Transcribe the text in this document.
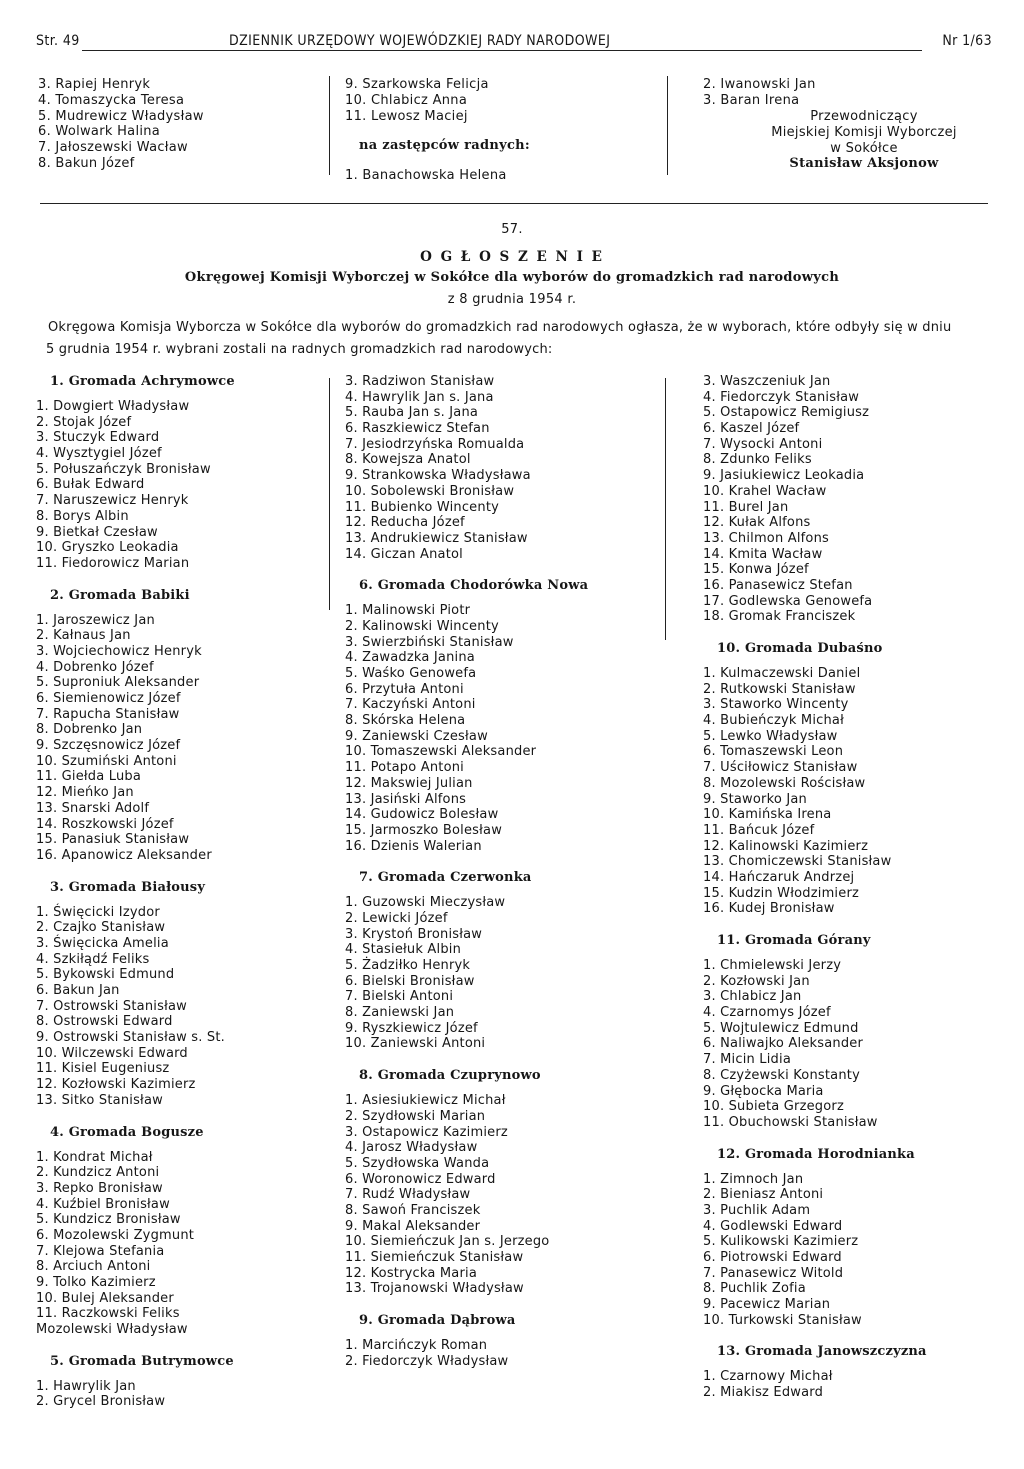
Str. 49	DZIENNIK URZĘDOWY WOJEWÓDZKIEJ RADY NARODOWEJ	Nr 1/63
3. Rapiej Henryk
4. Tomaszycka Teresa
5. Mudrewicz Władysław
6. Wolwark Halina
7. Jałoszewski Wacław
8. Bakun Józef
9. Szarkowska Felicja
10. Chlabicz Anna
11. Lewosz Maciej
na zastępców radnych:
1. Banachowska Helena
2. Iwanowski Jan
3. Baran Irena
Przewodniczący
Miejskiej Komisji Wyborczej
w Sokółce
Stanisław Aksjonow
57.
O G Ł O S Z E N I E
Okręgowej Komisji Wyborczej w Sokółce dla wyborów do gromadzkich rad narodowych
z 8 grudnia 1954 r.
Okręgowa Komisja Wyborcza w Sokółce dla wyborów do gromadzkich rad narodowych ogłasza, że w wyborach, które odbyły się w dniu 5 grudnia 1954 r. wybrani zostali na radnych gromadzkich rad narodowych:
1. Gromada Achrymowce
1. Dowgiert Władysław
2. Stojak Józef
3. Stuczyk Edward
4. Wysztygiel Józef
5. Połuszańczyk Bronisław
6. Bułak Edward
7. Naruszewicz Henryk
8. Borys Albin
9. Bietkał Czesław
10. Gryszko Leokadia
11. Fiedorowicz Marian
2. Gromada Babiki
1. Jaroszewicz Jan
2. Kałnaus Jan
3. Wojciechowicz Henryk
4. Dobrenko Józef
5. Suproniuk Aleksander
6. Siemienowicz Józef
7. Rapucha Stanisław
8. Dobrenko Jan
9. Szczęsnowicz Józef
10. Szumiński Antoni
11. Giełda Luba
12. Mieńko Jan
13. Snarski Adolf
14. Roszkowski Józef
15. Panasiuk Stanisław
16. Apanowicz Aleksander
3. Gromada Białousy
1. Święcicki Izydor
2. Czajko Stanisław
3. Święcicka Amelia
4. Szkiłądź Feliks
5. Bykowski Edmund
6. Bakun Jan
7. Ostrowski Stanisław
8. Ostrowski Edward
9. Ostrowski Stanisław s. St.
10. Wilczewski Edward
11. Kisiel Eugeniusz
12. Kozłowski Kazimierz
13. Sitko Stanisław
4. Gromada Bogusze
1. Kondrat Michał
2. Kundzicz Antoni
3. Repko Bronisław
4. Kuźbiel Bronisław
5. Kundzicz Bronisław
6. Mozolewski Zygmunt
7. Klejowa Stefania
8. Arciuch Antoni
9. Tolko Kazimierz
10. Bulej Aleksander
11. Raczkowski Feliks
Mozolewski Władysław
5. Gromada Butrymowce
1. Hawrylik Jan
2. Grycel Bronisław
3. Radziwon Stanisław
4. Hawrylik Jan s. Jana
5. Rauba Jan s. Jana
6. Raszkiewicz Stefan
7. Jesiodrzyńska Romualda
8. Kowejsza Anatol
9. Strankowska Władysława
10. Sobolewski Bronisław
11. Bubienko Wincenty
12. Reducha Józef
13. Andrukiewicz Stanisław
14. Giczan Anatol
6. Gromada Chodorówka Nowa
1. Malinowski Piotr
2. Kalinowski Wincenty
3. Swierzbiński Stanisław
4. Zawadzka Janina
5. Waśko Genowefa
6. Przytuła Antoni
7. Kaczyński Antoni
8. Skórska Helena
9. Zaniewski Czesław
10. Tomaszewski Aleksander
11. Potapo Antoni
12. Makswiej Julian
13. Jasiński Alfons
14. Gudowicz Bolesław
15. Jarmoszko Bolesław
16. Dzienis Walerian
7. Gromada Czerwonka
1. Guzowski Mieczysław
2. Lewicki Józef
3. Krystoń Bronisław
4. Stasiełuk Albin
5. Żadziłko Henryk
6. Bielski Bronisław
7. Bielski Antoni
8. Zaniewski Jan
9. Ryszkiewicz Józef
10. Zaniewski Antoni
8. Gromada Czuprynowo
1. Asiesiukiewicz Michał
2. Szydłowski Marian
3. Ostapowicz Kazimierz
4. Jarosz Władysław
5. Szydłowska Wanda
6. Woronowicz Edward
7. Rudź Władysław
8. Sawoń Franciszek
9. Makal Aleksander
10. Siemieńczuk Jan s. Jerzego
11. Siemieńczuk Stanisław
12. Kostrycka Maria
13. Trojanowski Władysław
9. Gromada Dąbrowa
1. Marcińczyk Roman
2. Fiedorczyk Władysław
3. Waszczeniuk Jan
4. Fiedorczyk Stanisław
5. Ostapowicz Remigiusz
6. Kaszel Józef
7. Wysocki Antoni
8. Zdunko Feliks
9. Jasiukiewicz Leokadia
10. Krahel Wacław
11. Burel Jan
12. Kułak Alfons
13. Chilmon Alfons
14. Kmita Wacław
15. Konwa Józef
16. Panasewicz Stefan
17. Godlewska Genowefa
18. Gromak Franciszek
10. Gromada Dubaśno
1. Kulmaczewski Daniel
2. Rutkowski Stanisław
3. Staworko Wincenty
4. Bubieńczyk Michał
5. Lewko Władysław
6. Tomaszewski Leon
7. Uściłowicz Stanisław
8. Mozolewski Rościsław
9. Staworko Jan
10. Kamińska Irena
11. Bańcuk Józef
12. Kalinowski Kazimierz
13. Chomiczewski Stanisław
14. Hańczaruk Andrzej
15. Kudzin Włodzimierz
16. Kudej Bronisław
11. Gromada Górany
1. Chmielewski Jerzy
2. Kozłowski Jan
3. Chlabicz Jan
4. Czarnomys Józef
5. Wojtulewicz Edmund
6. Naliwajko Aleksander
7. Micin Lidia
8. Czyżewski Konstanty
9. Głębocka Maria
10. Subieta Grzegorz
11. Obuchowski Stanisław
12. Gromada Horodnianka
1. Zimnoch Jan
2. Bieniasz Antoni
3. Puchlik Adam
4. Godlewski Edward
5. Kulikowski Kazimierz
6. Piotrowski Edward
7. Panasewicz Witold
8. Puchlik Zofia
9. Pacewicz Marian
10. Turkowski Stanisław
13. Gromada Janowszczyzna
1. Czarnowy Michał
2. Miakisz Edward
